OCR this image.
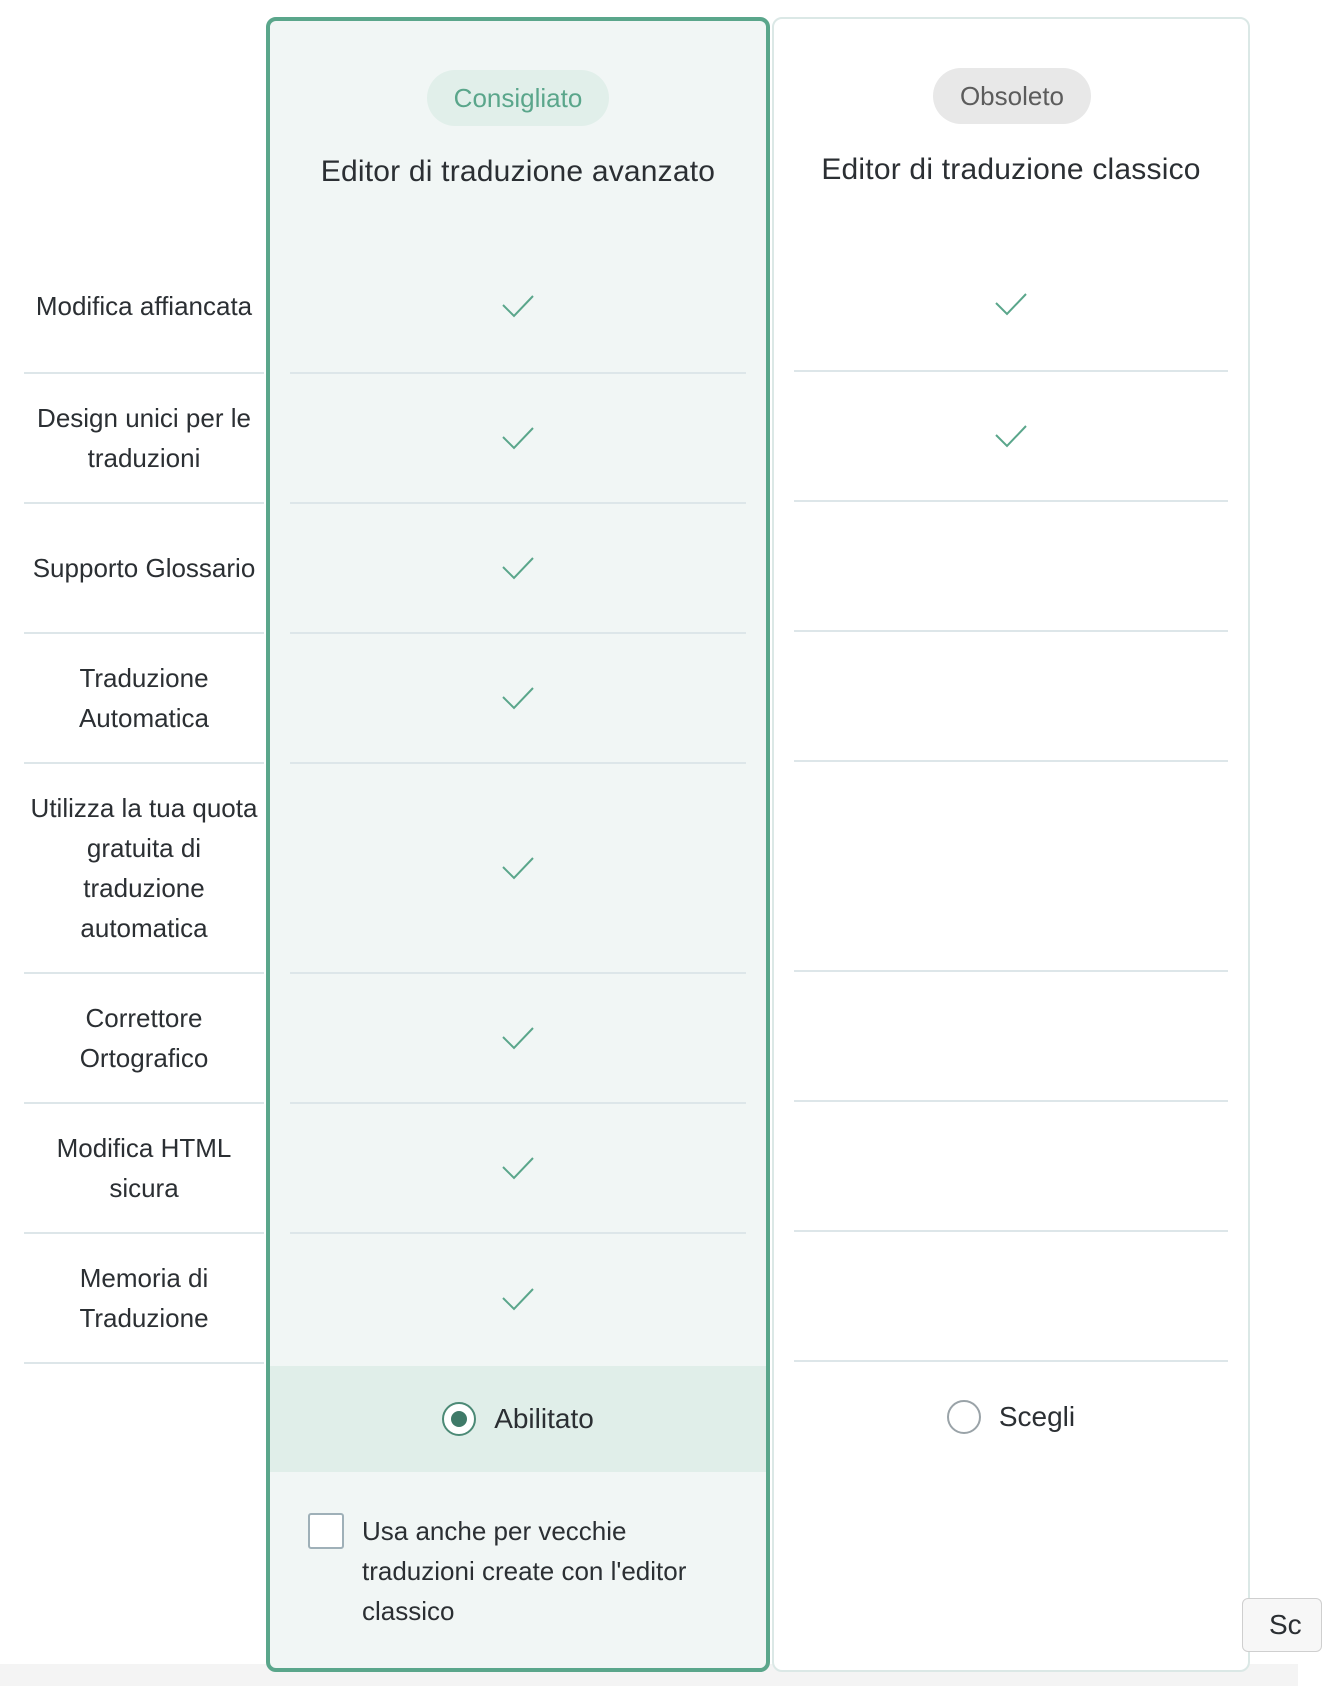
Modifica affiancata
Design unici per le traduzioni
Supporto Glossario
Traduzione Automatica
Utilizza la tua quota gratuita di traduzione automatica
Correttore Ortografico
Modifica HTML sicura
Memoria di Traduzione
Consigliato
Editor di traduzione avanzato
Abilitato
Usa anche per vecchie traduzioni create con l'editor classico
Obsoleto
Editor di traduzione classico
Scegli
Sc
